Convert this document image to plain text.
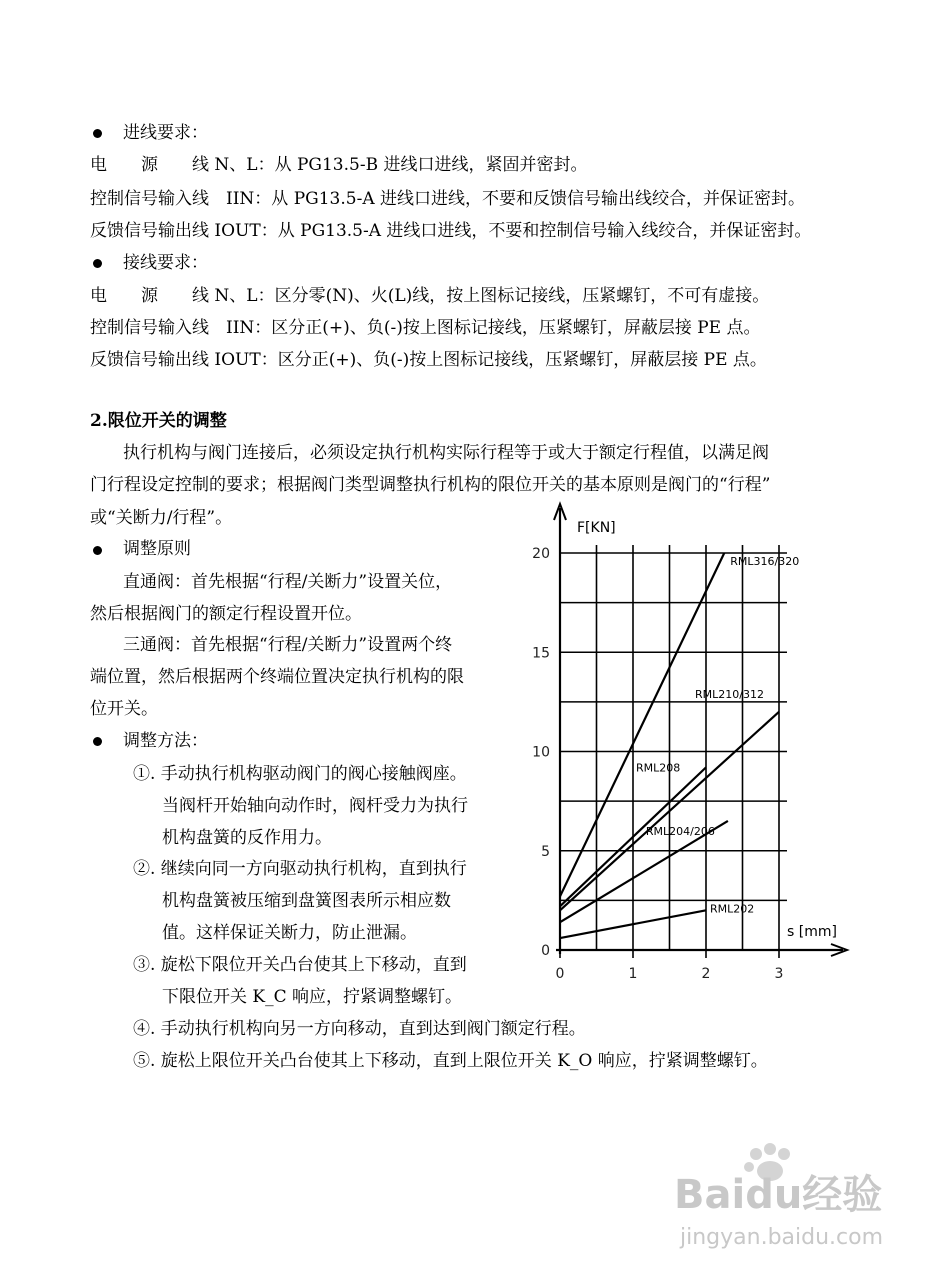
进线要求：
电　　源　　线 N、L：从 PG13.5-B 进线口进线，紧固并密封。
控制信号输入线　IIN：从 PG13.5-A 进线口进线，不要和反馈信号输出线绞合，并保证密封。
反馈信号输出线 IOUT：从 PG13.5-A 进线口进线，不要和控制信号输入线绞合，并保证密封。
接线要求：
电　　源　　线 N、L：区分零(N)、火(L)线，按上图标记接线，压紧螺钉，不可有虚接。
控制信号输入线　IIN：区分正(+)、负(-)按上图标记接线，压紧螺钉，屏蔽层接 PE 点。
反馈信号输出线 IOUT：区分正(+)、负(-)按上图标记接线，压紧螺钉，屏蔽层接 PE 点。
2.限位开关的调整
执行机构与阀门连接后，必须设定执行机构实际行程等于或大于额定行程值，以满足阀
门行程设定控制的要求；根据阀门类型调整执行机构的限位开关的基本原则是阀门的“行程”
或“关断力/行程”。
调整原则
直通阀：首先根据“行程/关断力”设置关位，
然后根据阀门的额定行程设置开位。
三通阀：首先根据“行程/关断力”设置两个终
端位置，然后根据两个终端位置决定执行机构的限
位开关。
调整方法：
①. 手动执行机构驱动阀门的阀心接触阀座。
当阀杆开始轴向动作时，阀杆受力为执行
机构盘簧的反作用力。
②. 继续向同一方向驱动执行机构，直到执行
机构盘簧被压缩到盘簧图表所示相应数
值。这样保证关断力，防止泄漏。
③. 旋松下限位开关凸台使其上下移动，直到
下限位开关 K_C 响应，拧紧调整螺钉。
④. 手动执行机构向另一方向移动，直到达到阀门额定行程。
⑤. 旋松上限位开关凸台使其上下移动，直到上限位开关 K_O 响应，拧紧调整螺钉。
0	1	2	3
0
5
10
15
20	RML316/320
RML210/312
RML208
RML204/206
RML202
F[KN]
s [mm]
Baidu经验
jingyan.baidu.com
